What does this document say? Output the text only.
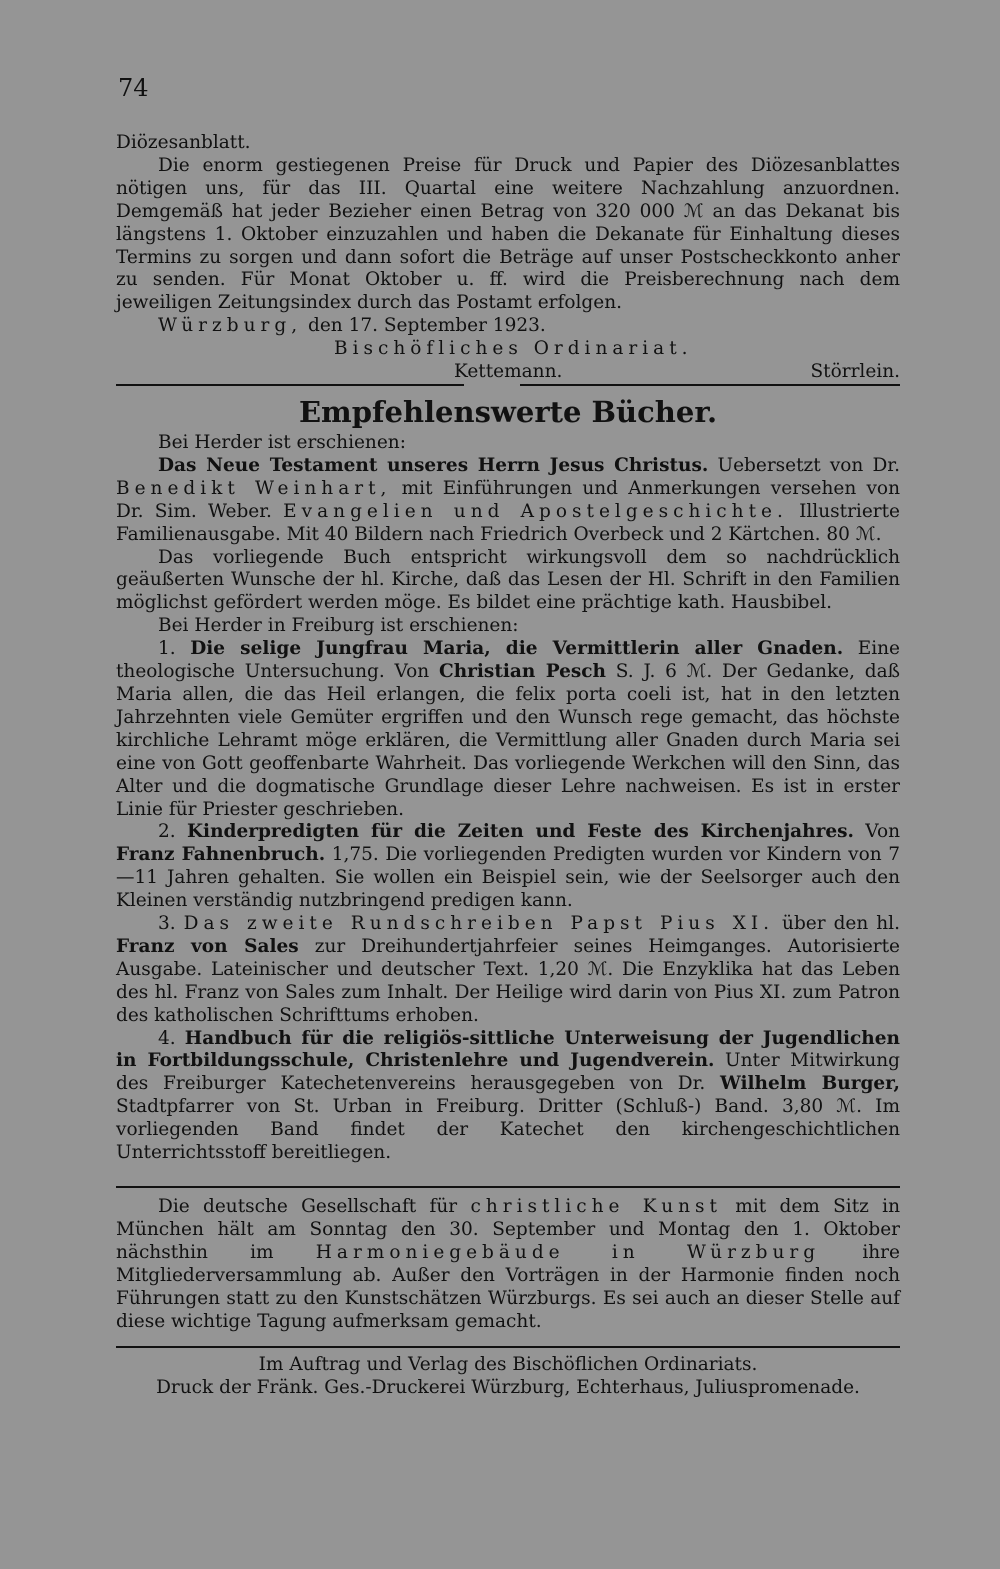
74
Diözesanblatt.
Die enorm gestiegenen Preise für Druck und Papier des Diözesanblattes nötigen uns, für das III. Quartal eine weitere Nachzahlung anzuordnen. Demgemäß hat jeder Bezieher einen Betrag von 320 000 ℳ an das Dekanat bis längstens 1. Oktober einzuzahlen und haben die Dekanate für Einhaltung dieses Termins zu sorgen und dann sofort die Beträge auf unser Postscheckkonto anher zu senden. Für Monat Oktober u. ff. wird die Preisberechnung nach dem jeweiligen Zeitungsindex durch das Postamt erfolgen.
Würzburg, den 17. September 1923.
Bischöfliches Ordinariat.
Kettemann.	Störrlein.
Empfehlenswerte Bücher.
Bei Herder ist erschienen:
Das Neue Testament unseres Herrn Jesus Christus. Uebersetzt von Dr. Benedikt Weinhart, mit Einführungen und Anmerkungen versehen von Dr. Sim. Weber. Evangelien und Apostelgeschichte. Illustrierte Familienausgabe. Mit 40 Bildern nach Friedrich Overbeck und 2 Kärtchen. 80 ℳ.
Das vorliegende Buch entspricht wirkungsvoll dem so nachdrücklich geäußerten Wunsche der hl. Kirche, daß das Lesen der Hl. Schrift in den Familien möglichst gefördert werden möge. Es bildet eine prächtige kath. Hausbibel.
Bei Herder in Freiburg ist erschienen:
1. Die selige Jungfrau Maria, die Vermittlerin aller Gnaden. Eine theologische Untersuchung. Von Christian Pesch S. J. 6 ℳ. Der Gedanke, daß Maria allen, die das Heil erlangen, die felix porta coeli ist, hat in den letzten Jahrzehnten viele Gemüter ergriffen und den Wunsch rege gemacht, das höchste kirchliche Lehramt möge erklären, die Vermittlung aller Gnaden durch Maria sei eine von Gott geoffenbarte Wahrheit. Das vorliegende Werkchen will den Sinn, das Alter und die dogmatische Grundlage dieser Lehre nachweisen. Es ist in erster Linie für Priester geschrieben.
2. Kinderpredigten für die Zeiten und Feste des Kirchenjahres. Von Franz Fahnenbruch. 1,75. Die vorliegenden Predigten wurden vor Kindern von 7—11 Jahren gehalten. Sie wollen ein Beispiel sein, wie der Seelsorger auch den Kleinen verständig nutzbringend predigen kann.
3. Das zweite Rundschreiben Papst Pius XI. über den hl. Franz von Sales zur Dreihundertjahrfeier seines Heimganges. Autorisierte Ausgabe. Lateinischer und deutscher Text. 1,20 ℳ. Die Enzyklika hat das Leben des hl. Franz von Sales zum Inhalt. Der Heilige wird darin von Pius XI. zum Patron des katholischen Schrifttums erhoben.
4. Handbuch für die religiös-sittliche Unterweisung der Jugendlichen in Fortbildungsschule, Christenlehre und Jugendverein. Unter Mitwirkung des Freiburger Katechetenvereins herausgegeben von Dr. Wilhelm Burger, Stadtpfarrer von St. Urban in Freiburg. Dritter (Schluß-) Band. 3,80 ℳ. Im vorliegenden Band findet der Katechet den kirchengeschichtlichen Unterrichtsstoff bereitliegen.
Die deutsche Gesellschaft für christliche Kunst mit dem Sitz in München hält am Sonntag den 30. September und Montag den 1. Oktober nächsthin im Harmoniegebäude in Würzburg ihre Mitgliederversammlung ab. Außer den Vorträgen in der Harmonie finden noch Führungen statt zu den Kunstschätzen Würzburgs. Es sei auch an dieser Stelle auf diese wichtige Tagung aufmerksam gemacht.
Im Auftrag und Verlag des Bischöflichen Ordinariats.
Druck der Fränk. Ges.-Druckerei Würzburg, Echterhaus, Juliuspromenade.
